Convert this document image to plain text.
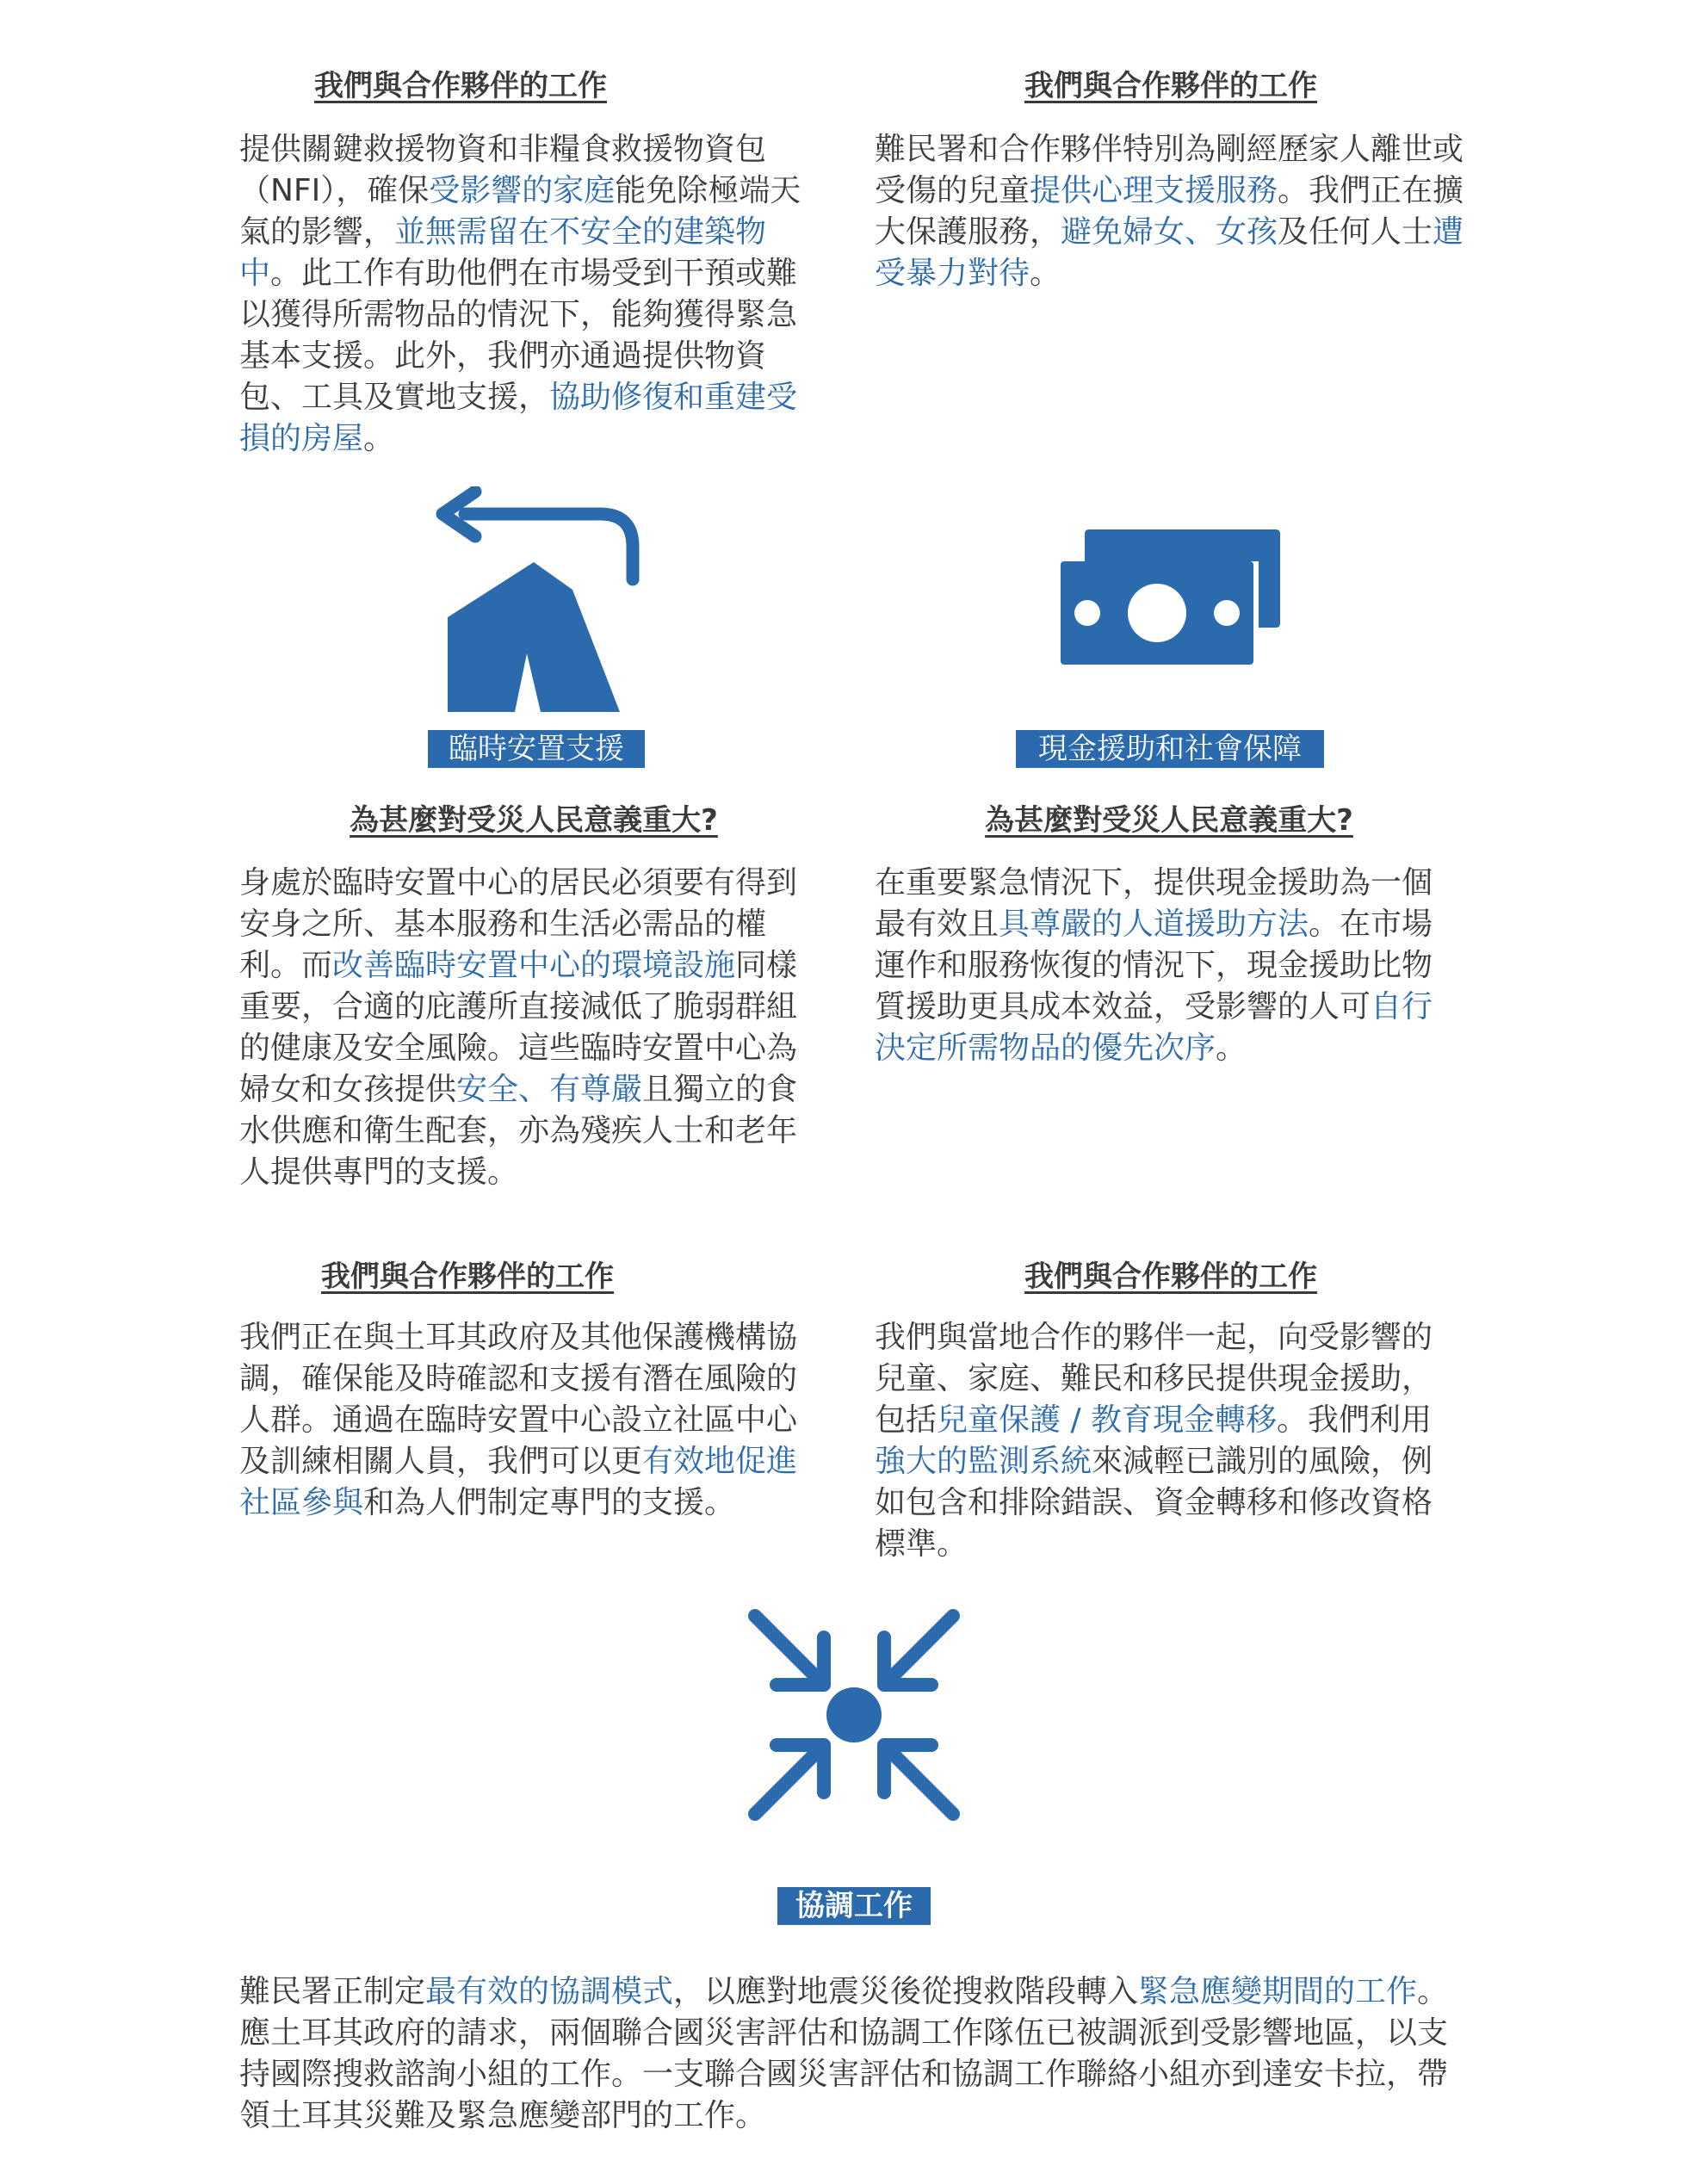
我們與合作夥伴的工作
提供關鍵救援物資和非糧食救援物資包（NFI），確保受影響的家庭能免除極端天氣的影響，並無需留在不安全的建築物中。此工作有助他們在市場受到干預或難以獲得所需物品的情況下，能夠獲得緊急基本支援。此外，我們亦通過提供物資包、工具及實地支援，協助修復和重建受損的房屋。
我們與合作夥伴的工作
難民署和合作夥伴特別為剛經歷家人離世或受傷的兒童提供心理支援服務。我們正在擴大保護服務，避免婦女、女孩及任何人士遭受暴力對待。
臨時安置支援	現金援助和社會保障
為甚麼對受災人民意義重大?
身處於臨時安置中心的居民必須要有得到安身之所、基本服務和生活必需品的權利。而改善臨時安置中心的環境設施同樣重要，合適的庇護所直接減低了脆弱群組的健康及安全風險。這些臨時安置中心為婦女和女孩提供安全、有尊嚴且獨立的食水供應和衛生配套，亦為殘疾人士和老年人提供專門的支援。
為甚麼對受災人民意義重大?
在重要緊急情況下，提供現金援助為一個最有效且具尊嚴的人道援助方法。在市場運作和服務恢復的情況下，現金援助比物質援助更具成本效益，受影響的人可自行決定所需物品的優先次序。
我們與合作夥伴的工作
我們正在與土耳其政府及其他保護機構協調，確保能及時確認和支援有潛在風險的人群。通過在臨時安置中心設立社區中心及訓練相關人員，我們可以更有效地促進社區參與和為人們制定專門的支援。
我們與合作夥伴的工作
我們與當地合作的夥伴一起，向受影響的兒童、家庭、難民和移民提供現金援助，包括兒童保護 / 教育現金轉移。我們利用強大的監測系統來減輕已識別的風險，例如包含和排除錯誤、資金轉移和修改資格標準。
協調工作
難民署正制定最有效的協調模式，以應對地震災後從搜救階段轉入緊急應變期間的工作。應土耳其政府的請求，兩個聯合國災害評估和協調工作隊伍已被調派到受影響地區，以支持國際搜救諮詢小組的工作。一支聯合國災害評估和協調工作聯絡小組亦到達安卡拉，帶領土耳其災難及緊急應變部門的工作。
